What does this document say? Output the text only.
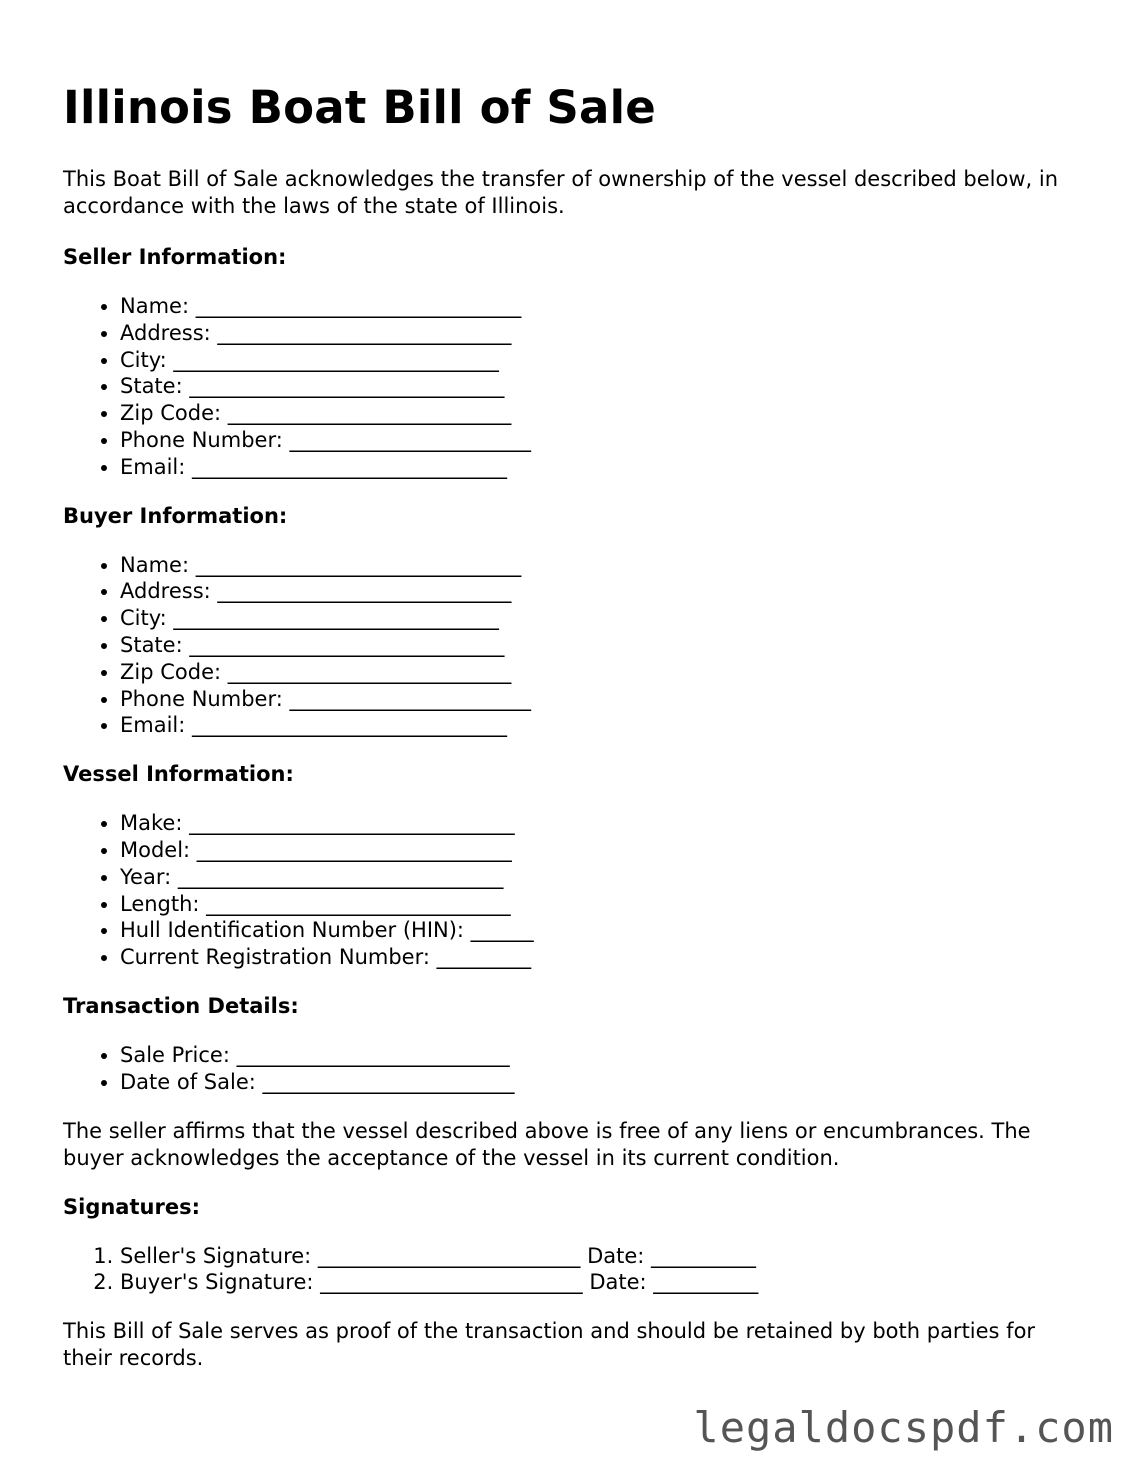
Illinois Boat Bill of Sale

This Boat Bill of Sale acknowledges the transfer of ownership of the vessel described below, in accordance with the laws of the state of Illinois.

Seller Information:
• Name: _______________________________
• Address: ____________________________
• City: _______________________________
• State: ______________________________
• Zip Code: ___________________________
• Phone Number: _______________________
• Email: ______________________________
Buyer Information:
• Name: _______________________________
• Address: ____________________________
• City: _______________________________
• State: ______________________________
• Zip Code: ___________________________
• Phone Number: _______________________
• Email: ______________________________
Vessel Information:
• Make: _______________________________
• Model: ______________________________
• Year: _______________________________
• Length: _____________________________
• Hull Identification Number (HIN): ______
• Current Registration Number: _________
Transaction Details:
• Sale Price: __________________________
• Date of Sale: ________________________

The seller affirms that the vessel described above is free of any liens or encumbrances. The buyer acknowledges the acceptance of the vessel in its current condition.

Signatures:
1. Seller's Signature: _________________________ Date: __________
2. Buyer's Signature: _________________________ Date: __________

This Bill of Sale serves as proof of the transaction and should be retained by both parties for their records.

legaldocspdf.com
